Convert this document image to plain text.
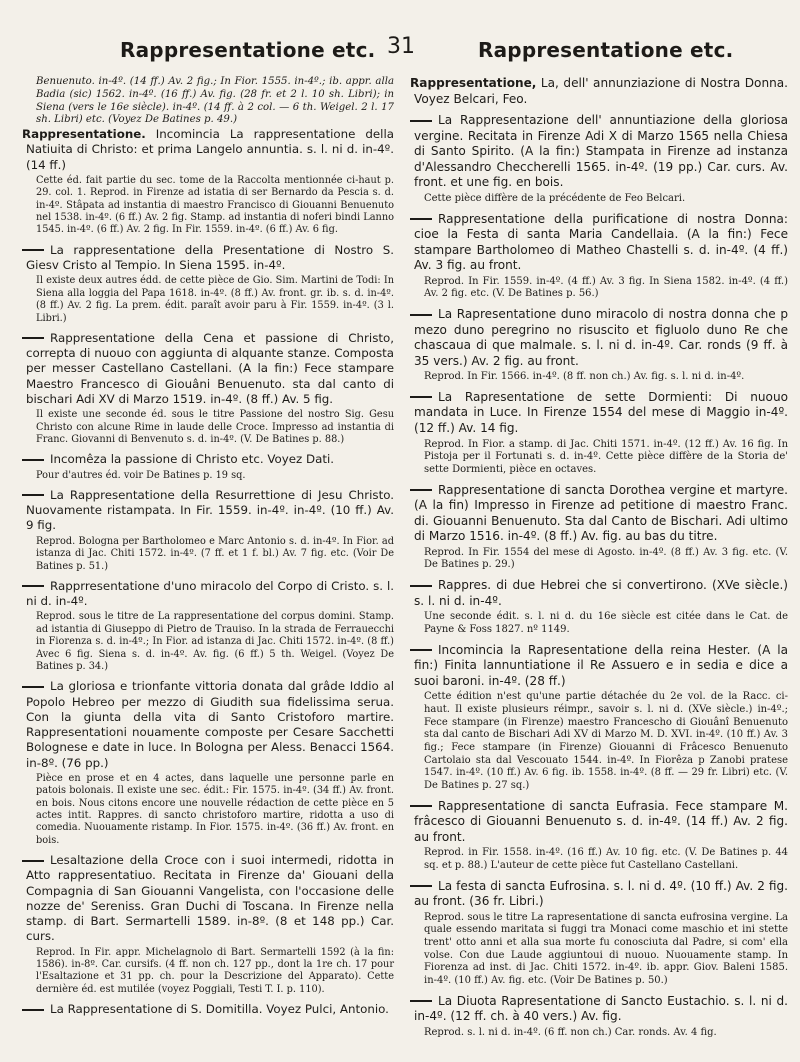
Rappresentatione etc. 31	Rappresentatione etc.
Benuenuto. in-4º. (14 ff.) Av. 2 fig.; In Fior. 1555. in-4º.; ib. appr. alla Badia (sic) 1562. in-4º. (16 ff.) Av. fig. (28 fr. et 2 l. 10 sh. Libri); in Siena (vers le 16e siècle). in-4º. (14 ff. à 2 col. — 6 th. Weigel. 2 l. 17 sh. Libri) etc. (Voyez De Batines p. 49.)
Rappresentatione. Incomincia La rappresentatione della Natiuita di Christo: et prima Langelo annuntia. s. l. ni d. in-4º. (14 ff.)
Cette éd. fait partie du sec. tome de la Raccolta mentionnée ci-haut p. 29. col. 1. Reprod. in Firenze ad istatia di ser Bernardo da Pescia s. d. in-4º. Stâpata ad instantia di maestro Francisco di Giouanni Benuenuto nel 1538. in-4º. (6 ff.) Av. 2 fig. Stamp. ad instantia di noferi bindi Lanno 1545. in-4º. (6 ff.) Av. 2 fig. In Fir. 1559. in-4º. (6 ff.) Av. 6 fig.
La rappresentatione della Presentatione di Nostro S. Giesv Cristo al Tempio. In Siena 1595. in-4º.
Il existe deux autres édd. de cette pièce de Gio. Sim. Martini de Todi: In Siena alla loggia del Papa 1618. in-4º. (8 ff.) Av. front. gr. ib. s. d. in-4º. (8 ff.) Av. 2 fig. La prem. édit. paraît avoir paru à Fir. 1559. in-4º. (3 l. Libri.)
Rappresentatione della Cena et passione di Christo, correpta di nuouo con aggiunta di alquante stanze. Composta per messer Castellano Castellani. (A la fin:) Fece stampare Maestro Francesco di Giouâni Benuenuto. sta dal canto di bischari Adi XV di Marzo 1519. in-4º. (8 ff.) Av. 5 fig.
Il existe une seconde éd. sous le titre Passione del nostro Sig. Gesu Christo con alcune Rime in laude delle Croce. Impresso ad instantia di Franc. Giovanni di Benvenuto s. d. in-4º. (V. De Batines p. 88.)
Incomêza la passione di Christo etc. Voyez Dati.
Pour d'autres éd. voir De Batines p. 19 sq.
La Rappresentatione della Resurrettione di Jesu Christo. Nuovamente ristampata. In Fir. 1559. in-4º. in-4º. (10 ff.) Av. 9 fig.
Reprod. Bologna per Bartholomeo e Marc Antonio s. d. in-4º. In Fior. ad istanza di Jac. Chiti 1572. in-4º. (7 ff. et 1 f. bl.) Av. 7 fig. etc. (Voir De Batines p. 51.)
Rapprresentatione d'uno miracolo del Corpo di Cristo. s. l. ni d. in-4º.
Reprod. sous le titre de La rappresentatione del corpus domini. Stamp. ad istantia di Giuseppo di Pietro de Trauiso. In la strada de Ferrauecchi in Fiorenza s. d. in-4º.; In Fior. ad istanza di Jac. Chiti 1572. in-4º. (8 ff.) Avec 6 fig. Siena s. d. in-4º. Av. fig. (6 ff.) 5 th. Weigel. (Voyez De Batines p. 34.)
La gloriosa e trionfante vittoria donata dal grâde Iddio al Popolo Hebreo per mezzo di Giudith sua fidelissima serua. Con la giunta della vita di Santo Cristoforo martire. Rappresentationi nouamente composte per Cesare Sacchetti Bolognese e date in luce. In Bologna per Aless. Benacci 1564. in-8º. (76 pp.)
Pièce en prose et en 4 actes, dans laquelle une personne parle en patois bolonais. Il existe une sec. édit.: Fir. 1575. in-4º. (34 ff.) Av. front. en bois. Nous citons encore une nouvelle rédaction de cette pièce en 5 actes intit. Rappres. di sancto christoforo martire, ridotta a uso di comedia. Nuouamente ristamp. In Fior. 1575. in-4º. (36 ff.) Av. front. en bois.
Lesaltazione della Croce con i suoi intermedi, ridotta in Atto rappresentatiuo. Recitata in Firenze da' Giouani della Compagnia di San Giouanni Vangelista, con l'occasione delle nozze de' Sereniss. Gran Duchi di Toscana. In Firenze nella stamp. di Bart. Sermartelli 1589. in-8º. (8 et 148 pp.) Car. curs.
Reprod. In Fir. appr. Michelagnolo di Bart. Sermartelli 1592 (à la fin: 1586). in-8º. Car. cursifs. (4 ff. non ch. 127 pp., dont la 1re ch. 17 pour l'Esaltazione et 31 pp. ch. pour la Descrizione del Apparato). Cette dernière éd. est mutilée (voyez Poggiali, Testi T. I. p. 110).
La Rappresentatione di S. Domitilla. Voyez Pulci, Antonio.
Rappresentatione, La, dell' annunziazione di Nostra Donna. Voyez Belcari, Feo.
La Rappresentazione dell' annuntiazione della gloriosa vergine. Recitata in Firenze Adi X di Marzo 1565 nella Chiesa di Santo Spirito. (A la fin:) Stampata in Firenze ad instanza d'Alessandro Checcherelli 1565. in-4º. (19 pp.) Car. curs. Av. front. et une fig. en bois.
Cette pièce diffère de la précédente de Feo Belcari.
Rappresentatione della purificatione di nostra Donna: cioe la Festa di santa Maria Candellaia. (A la fin:) Fece stampare Bartholomeo di Matheo Chastelli s. d. in-4º. (4 ff.) Av. 3 fig. au front.
Reprod. In Fir. 1559. in-4º. (4 ff.) Av. 3 fig. In Siena 1582. in-4º. (4 ff.) Av. 2 fig. etc. (V. De Batines p. 56.)
La Rapresentatione duno miracolo di nostra donna che p mezo duno peregrino no risuscito et figluolo duno Re che chascaua di que malmale. s. l. ni d. in-4º. Car. ronds (9 ff. à 35 vers.) Av. 2 fig. au front.
Reprod. In Fir. 1566. in-4º. (8 ff. non ch.) Av. fig. s. l. ni d. in-4º.
La Rapresentatione de sette Dormienti: Di nuouo mandata in Luce. In Firenze 1554 del mese di Maggio in-4º. (12 ff.) Av. 14 fig.
Reprod. In Fior. a stamp. di Jac. Chiti 1571. in-4º. (12 ff.) Av. 16 fig. In Pistoja per il Fortunati s. d. in-4º. Cette pièce diffère de la Storia de' sette Dormienti, pièce en octaves.
Rappresentatione di sancta Dorothea vergine et martyre. (A la fin) Impresso in Firenze ad petitione di maestro Franc. di. Giouanni Benuenuto. Sta dal Canto de Bischari. Adi ultimo di Marzo 1516. in-4º. (8 ff.) Av. fig. au bas du titre.
Reprod. In Fir. 1554 del mese di Agosto. in-4º. (8 ff.) Av. 3 fig. etc. (V. De Batines p. 29.)
Rappres. di due Hebrei che si convertirono. (XVe siècle.) s. l. ni d. in-4º.
Une seconde édit. s. l. ni d. du 16e siècle est citée dans le Cat. de Payne & Foss 1827. nº 1149.
Incomincia la Rapresentatione della reina Hester. (A la fin:) Finita lannuntiatione il Re Assuero e in sedia e dice a suoi baroni. in-4º. (28 ff.)
Cette édition n'est qu'une partie détachée du 2e vol. de la Racc. ci-haut. Il existe plusieurs réimpr., savoir s. l. ni d. (XVe siècle.) in-4º.; Fece stampare (in Firenze) maestro Francescho di Giouânî Benuenuto sta dal canto de Bischari Adi XV di Marzo M. D. XVI. in-4º. (10 ff.) Av. 3 fig.; Fece stampare (in Firenze) Giouanni di Frâcesco Benuenuto Cartolaio sta dal Vescouato 1544. in-4º. In Fiorêza p Zanobi pratese 1547. in-4º. (10 ff.) Av. 6 fig. ib. 1558. in-4º. (8 ff. — 29 fr. Libri) etc. (V. De Batines p. 27 sq.)
Rappresentatione di sancta Eufrasia. Fece stampare M. frâcesco di Giouanni Benuenuto s. d. in-4º. (14 ff.) Av. 2 fig. au front.
Reprod. in Fir. 1558. in-4º. (16 ff.) Av. 10 fig. etc. (V. De Batines p. 44 sq. et p. 88.) L'auteur de cette pièce fut Castellano Castellani.
La festa di sancta Eufrosina. s. l. ni d. 4º. (10 ff.) Av. 2 fig. au front. (36 fr. Libri.)
Reprod. sous le titre La rapresentatione di sancta eufrosina vergine. La quale essendo maritata si fuggi tra Monaci come maschio et ini stette trent' otto anni et alla sua morte fu conosciuta dal Padre, si com' ella volse. Con due Laude aggiuntoui di nuouo. Nuouamente stamp. In Fiorenza ad inst. di Jac. Chiti 1572. in-4º. ib. appr. Giov. Baleni 1585. in-4º. (10 ff.) Av. fig. etc. (Voir De Batines p. 50.)
La Diuota Rapresentatione di Sancto Eustachio. s. l. ni d. in-4º. (12 ff. ch. à 40 vers.) Av. fig.
Reprod. s. l. ni d. in-4º. (6 ff. non ch.) Car. ronds. Av. 4 fig.
